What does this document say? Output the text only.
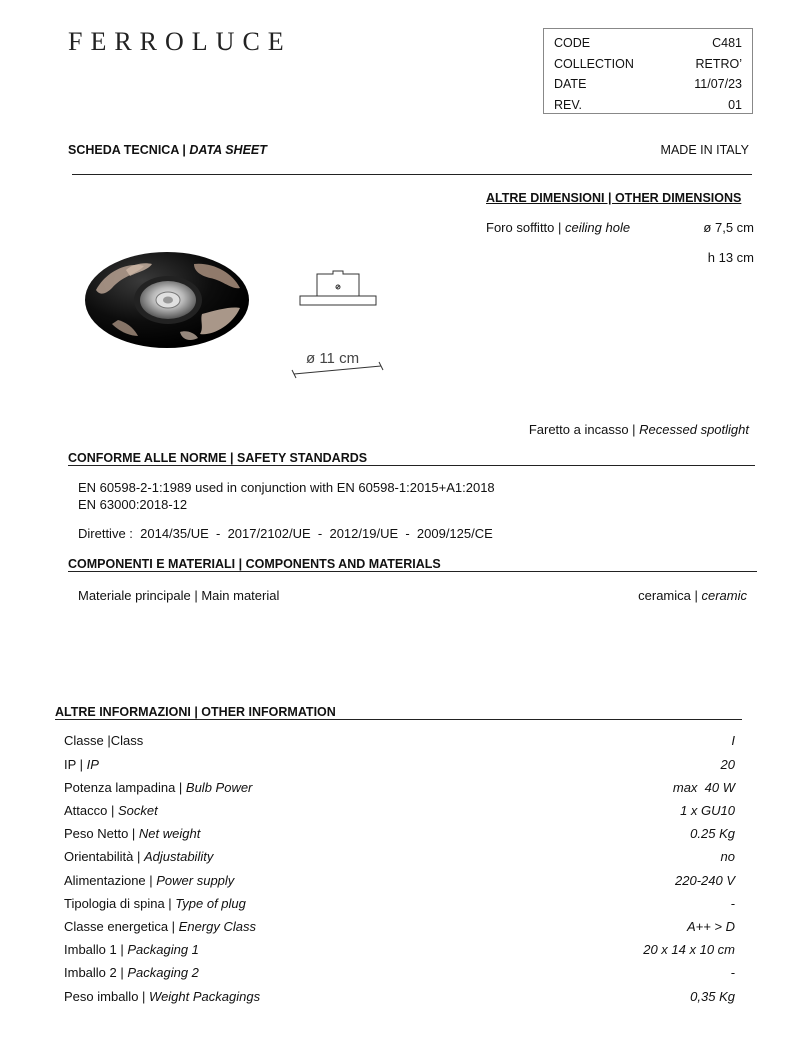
FERROLUCE	CODE	C481
COLLECTION	RETRO’
DATE	11/07/23
REV.	01
SCHEDA TECNICA | DATA SHEET	MADE IN ITALY
ALTRE DIMENSIONI | OTHER DIMENSIONS
Foro soffitto | ceiling hole	ø 7,5 cm
h 13 cm
ø 11 cm
Faretto a incasso | Recessed spotlight
CONFORME ALLE NORME | SAFETY STANDARDS
EN 60598-2-1:1989 used in conjunction with EN 60598-1:2015+A1:2018
EN 63000:2018-12
Direttive :  2014/35/UE  -  2017/2102/UE  -  2012/19/UE  -  2009/125/CE
COMPONENTI E MATERIALI | COMPONENTS AND MATERIALS
Materiale principale | Main material	ceramica | ceramic
ALTRE INFORMAZIONI | OTHER INFORMATION
Classe |Class	I
IP | IP	20
Potenza lampadina | Bulb Power	max  40 W
Attacco | Socket	1 x GU10
Peso Netto | Net weight	0.25 Kg
Orientabilità | Adjustability	no
Alimentazione | Power supply	220-240 V
Tipologia di spina | Type of plug	-
Classe energetica | Energy Class	A++ > D
Imballo 1 | Packaging 1	20 x 14 x 10 cm
Imballo 2 | Packaging 2	-
Peso imballo | Weight Packagings	0,35 Kg
